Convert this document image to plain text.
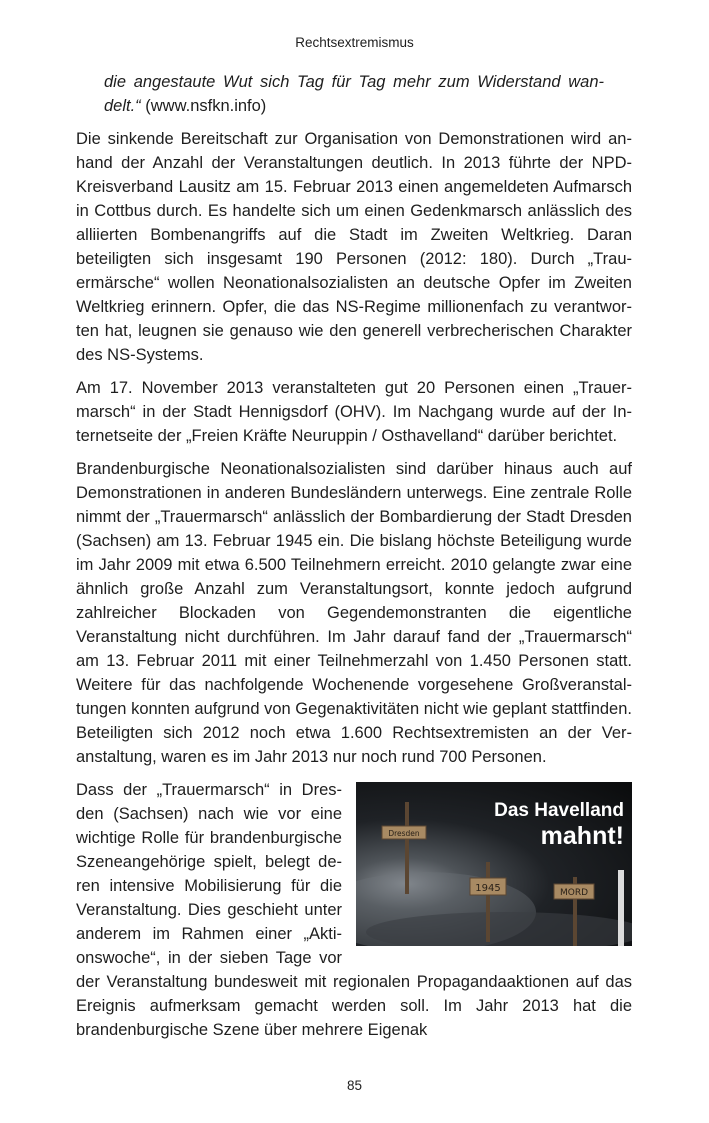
Rechtsextremismus

die angestaute Wut sich Tag für Tag mehr zum Widerstand wandelt.“ (www.nsfkn.info)

Die sinkende Bereitschaft zur Organisation von Demonstrationen wird anhand der Anzahl der Veranstaltungen deutlich. In 2013 führte der NPD-Kreisverband Lausitz am 15. Februar 2013 einen angemeldeten Aufmarsch in Cottbus durch. Es handelte sich um einen Gedenkmarsch anlässlich des alliierten Bombenangriffs auf die Stadt im Zweiten Weltkrieg. Daran beteiligten sich insgesamt 190 Personen (2012: 180). Durch „Trauermärsche“ wollen Neonationalsozialisten an deutsche Opfer im Zweiten Weltkrieg erinnern. Opfer, die das NS-Regime millionenfach zu verantworten hat, leugnen sie genauso wie den generell verbrecherischen Charakter des NS-Systems.

Am 17. November 2013 veranstalteten gut 20 Personen einen „Trauermarsch“ in der Stadt Hennigsdorf (OHV). Im Nachgang wurde auf der Internetseite der „Freien Kräfte Neuruppin / Osthavelland“ darüber berichtet.

Brandenburgische Neonationalsozialisten sind darüber hinaus auch auf Demonstrationen in anderen Bundesländern unterwegs. Eine zentrale Rolle nimmt der „Trauermarsch“ anlässlich der Bombardierung der Stadt Dresden (Sachsen) am 13. Februar 1945 ein. Die bislang höchste Beteiligung wurde im Jahr 2009 mit etwa 6.500 Teilnehmern erreicht. 2010 gelangte zwar eine ähnlich große Anzahl zum Veranstaltungsort, konnte jedoch aufgrund zahlreicher Blockaden von Gegendemonstranten die eigentliche Veranstaltung nicht durchführen. Im Jahr darauf fand der „Trauermarsch“ am 13. Februar 2011 mit einer Teilnehmerzahl von 1.450 Personen statt. Weitere für das nachfolgende Wochenende vorgesehene Großveranstaltungen konnten aufgrund von Gegenaktivitäten nicht wie geplant stattfinden. Beteiligten sich 2012 noch etwa 1.600 Rechtsextremisten an der Veranstaltung, waren es im Jahr 2013 nur noch rund 700 Personen.

Dresden
1945	MORD
Das Havelland
mahnt!

Dass der „Trauermarsch“ in Dresden (Sachsen) nach wie vor eine wichtige Rolle für brandenburgische Szeneangehörige spielt, belegt deren intensive Mobilisierung für die Veranstaltung. Dies geschieht unter anderem im Rahmen einer „Aktionswoche“, in der sieben Tage vor der Veranstaltung bundesweit mit regionalen Propagandaaktionen auf das Ereignis aufmerksam gemacht werden soll. Im Jahr 2013 hat die brandenburgische Szene über mehrere Eigenak

85
